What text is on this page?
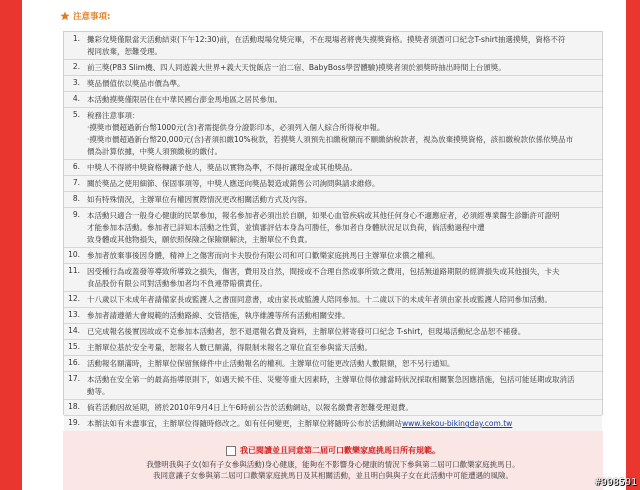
注意事項:
1. 攤彩兌獎僅限當天活動結束(下午12:30)前，在活動現場兌獎完畢，不在現場者將喪失摸獎資格。摸獎者須憑可口紀念T-shirt抽選摸獎，資格不符
視同放棄，恕難受理。
2. 前三獎(P83 Slim機、四人同遊義大世界+義大天悅飯店一泊二宿、BabyBoss學習體驗)摸獎者須於頒獎時抽出時間上台頒獎。
3. 獎品價值依以獎品市價為準。
4. 本活動摸獎僅限居住在中華民國台澎金馬地區之居民參加。
5. 稅務注意事項：
‧摸獎市價超過新台幣1000元(含)者需提供身分證影印本，必須列入個人綜合所得稅申報。
‧摸獎市價超過新台幣20,000元(含)者須扣繳10%稅款，若摸獎人須預先扣繳稅額而不願繳納稅款者，視為放棄摸獎資格，該扣繳稅款依係依獎品市
價為計算依據，中獎人須預繳稅的繳付。
6. 中獎人不得將中獎資格轉讓予他人，獎品以實物為準，不得折讓現金或其他獎品。
7. 關於獎品之使用細節、保固事項等，中獎人應逕向獎品製造或銷售公司詢問與請求維修。
8. 如有特殊情況，主辦單位有權因實際情況更改相關活動方式及內容。
9. 本活動只適合一般身心健康的民眾參加，報名參加者必須出於自願，如果心血管疾病或其他任何身心不適應症者，必須經專業醫生診斷許可證明
才能參加本活動。參加者已詳知本活動之性質，並慎審評估本身為可勝任，參加者自身體狀況足以負荷，倘活動過程中遭
致身體或其他物損失，願依照保險之保險額解決，主辦單位不負責。
10. 參加者放棄事後因身體，精神上之傷害而向卡夫股份有限公司和可口歡樂家庭挑馬日主辦單位求償之權利。
11. 因受種行為或蓋發等導致所導致之損失，傷害，費用及自然，間接或不合理自然或事所致之費用，包括無道路期限的經濟損失或其他損失，卡夫
食品股份有限公司對活動參加者均不負連帶賠償責任。
12. 十八歲以下未成年者請備家長或監護人之書面同意書，或由家長或監護人陪同參加。十二歲以下的未成年者須由家長或監護人陪同參加活動。
13. 參加者請遵循大會規範的活動路線、交管措施，執序維護等所有活動相關安排。
14. 已完成報名後實因故或不克參加本活動者，恕不退還報名費及資料，主辦單位將寄發可口紀念 T-shirt，但現場活動紀念品恕不補發。
15. 主辦單位基於安全考量，恕報名人數已額滿，得限制未報名之單位直至參與當天活動。
16. 活動報名額滿時，主辦單位保留無條件中止活動報名的權利。主辦單位可能更改活動人數限額，恕不另行通知。
17. 本活動在安全第一的最高指導原則下，如遇天候不佳、災變等重大因素時，主辦單位得依據當時狀況採取相關緊急因應措施，包括可能延期或取消活
動等。
18. 倘若活動因故延期，將於2010年9月4日上午6時前公告於活動網站，以報名繳費者恕難受理退費。
19. 本辦法如有未盡事宜，主辦單位得隨時修改之。如有任何變更，主辦單位將隨時公布於活動網站www.kekou-bikingday.com.tw
我已閱讀並且同意第二屆可口歡樂家庭挑馬日所有規範。
我聲明我與子女(如有子女參與活動)身心健康，能夠在不影響身心健康的情況下參與第二屆可口歡樂家庭挑馬日。
我同意讓子女參與第二屆可口歡樂家庭挑馬日及其相關活動，並且明白與與子女在此活動中可能遭遇的風險。
#998591
